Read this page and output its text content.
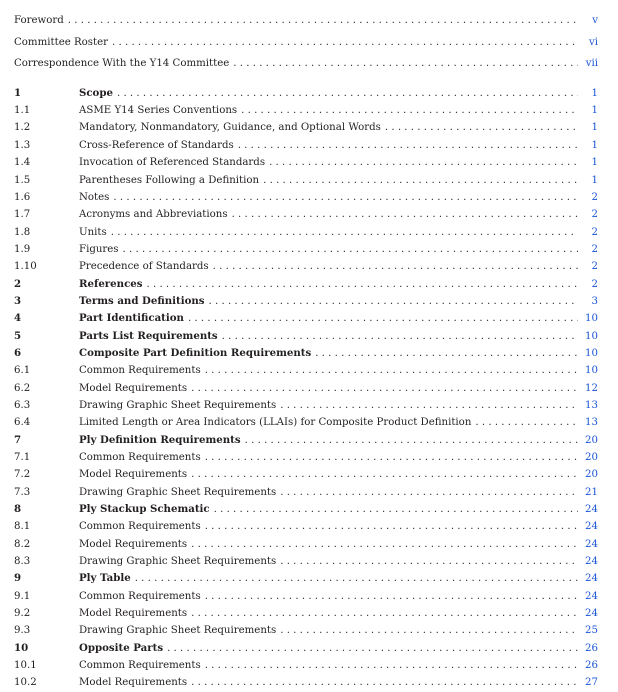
Foreword . . .	v
Committee Roster . . .	vi
Correspondence With the Y14 Committee . . .	vii
1	Scope . . .	1
1.1	ASME Y14 Series Conventions . . .	1
1.2	Mandatory, Nonmandatory, Guidance, and Optional Words . . .	1
1.3	Cross-Reference of Standards . . .	1
1.4	Invocation of Referenced Standards . . .	1
1.5	Parentheses Following a Definition . . .	1
1.6	Notes . . .	2
1.7	Acronyms and Abbreviations . . .	2
1.8	Units . . .	2
1.9	Figures . . .	2
1.10	Precedence of Standards . . .	2
2	References . . .	2
3	Terms and Definitions . . .	3
4	Part Identification . . .	10
5	Parts List Requirements . . .	10
6	Composite Part Definition Requirements . . .	10
6.1	Common Requirements . . .	10
6.2	Model Requirements . . .	12
6.3	Drawing Graphic Sheet Requirements . . .	13
6.4	Limited Length or Area Indicators (LLAIs) for Composite Product Definition . . .	13
7	Ply Definition Requirements . . .	20
7.1	Common Requirements . . .	20
7.2	Model Requirements . . .	20
7.3	Drawing Graphic Sheet Requirements . . .	21
8	Ply Stackup Schematic . . .	24
8.1	Common Requirements . . .	24
8.2	Model Requirements . . .	24
8.3	Drawing Graphic Sheet Requirements . . .	24
9	Ply Table . . .	24
9.1	Common Requirements . . .	24
9.2	Model Requirements . . .	24
9.3	Drawing Graphic Sheet Requirements . . .	25
10	Opposite Parts . . .	26
10.1	Common Requirements . . .	26
10.2	Model Requirements . . .	27
